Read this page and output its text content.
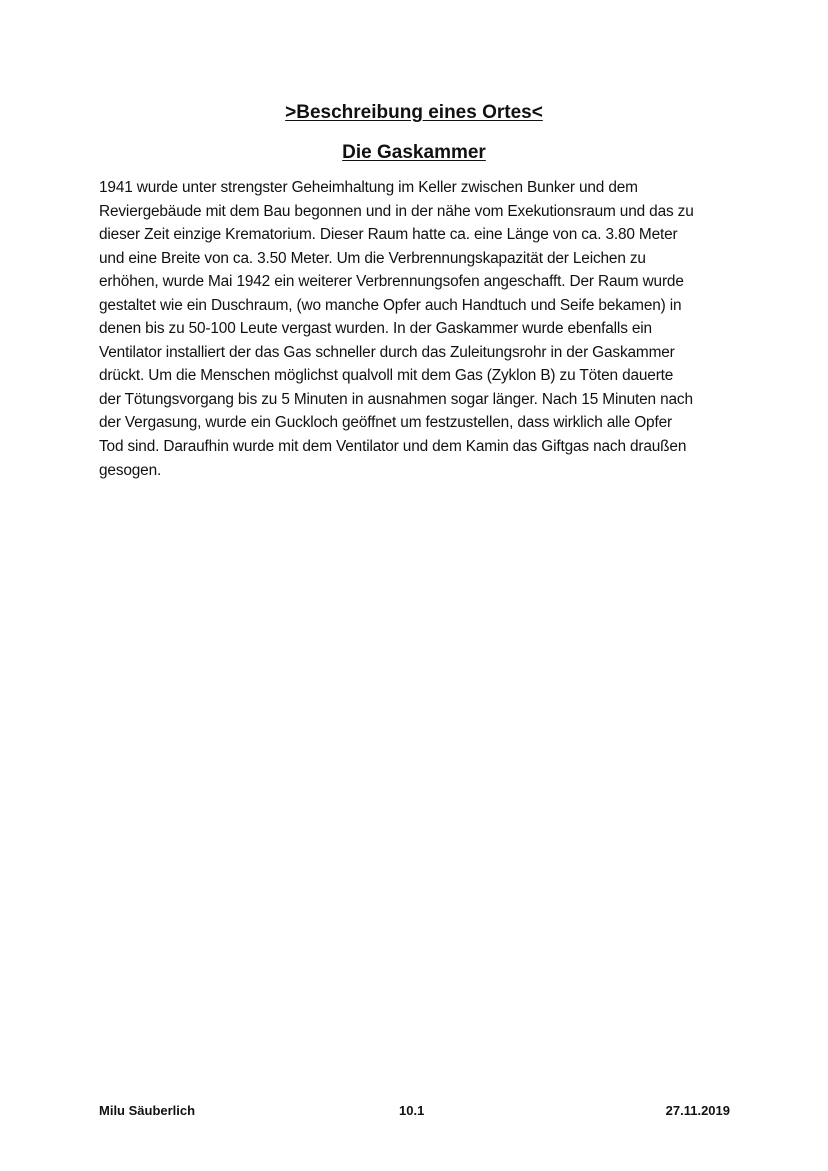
>Beschreibung eines Ortes<
Die Gaskammer
1941 wurde unter strengster Geheimhaltung im Keller zwischen Bunker und dem
Reviergebäude mit dem Bau begonnen und in der nähe vom Exekutionsraum und das zu
dieser Zeit einzige Krematorium. Dieser Raum hatte ca. eine Länge von ca. 3.80 Meter
und eine Breite von ca. 3.50 Meter. Um die Verbrennungskapazität der Leichen zu
erhöhen, wurde Mai 1942 ein weiterer Verbrennungsofen angeschafft. Der Raum wurde
gestaltet wie ein Duschraum, (wo manche Opfer auch Handtuch und Seife bekamen) in
denen bis zu 50-100 Leute vergast wurden. In der Gaskammer wurde ebenfalls ein
Ventilator installiert der das Gas schneller durch das Zuleitungsrohr in der Gaskammer
drückt. Um die Menschen möglichst qualvoll mit dem Gas (Zyklon B) zu Töten dauerte
der Tötungsvorgang bis zu 5 Minuten in ausnahmen sogar länger. Nach 15 Minuten nach
der Vergasung, wurde ein Guckloch geöffnet um festzustellen, dass wirklich alle Opfer
Tod sind. Daraufhin wurde mit dem Ventilator und dem Kamin das Giftgas nach draußen
gesogen.
Milu Säuberlich	10.1	27.11.2019
